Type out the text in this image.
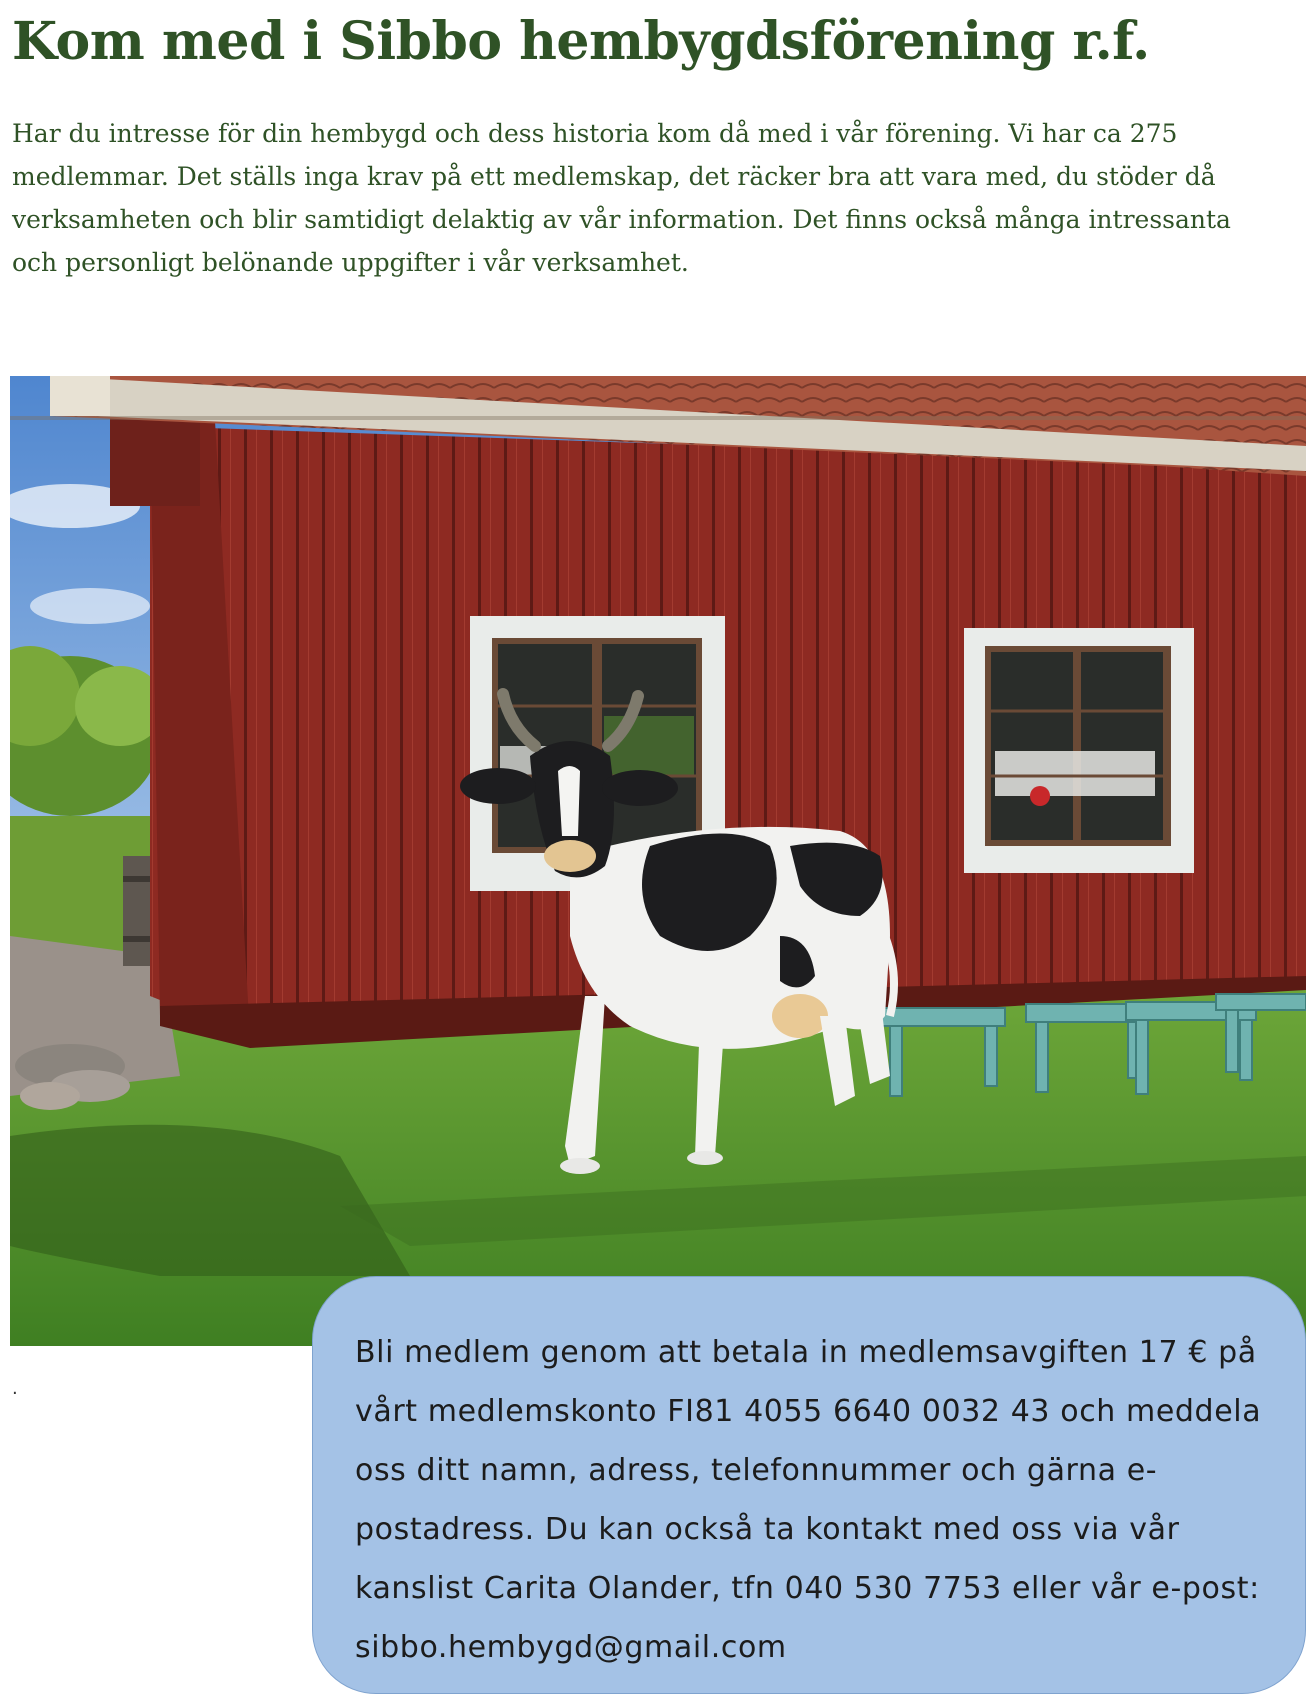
Kom med i Sibbo hembygdsförening r.f.

Har du intresse för din hembygd och dess historia kom då med i vår förening. Vi har ca 275 medlemmar. Det ställs inga krav på ett medlemskap, det räcker bra att vara med, du stöder då verksamheten och blir samtidigt delaktig av vår information. Det finns också många intressanta och personligt belönande uppgifter i vår verksamhet.

.

Bli medlem genom att betala in medlemsavgiften 17 € på vårt medlemskonto FI81 4055 6640 0032 43 och meddela oss ditt namn, adress, telefonnummer och gärna e-postadress. Du kan också ta kontakt med oss via vår kanslist Carita Olander, tfn 040 530 7753 eller vår e-post: sibbo.hembygd@gmail.com
